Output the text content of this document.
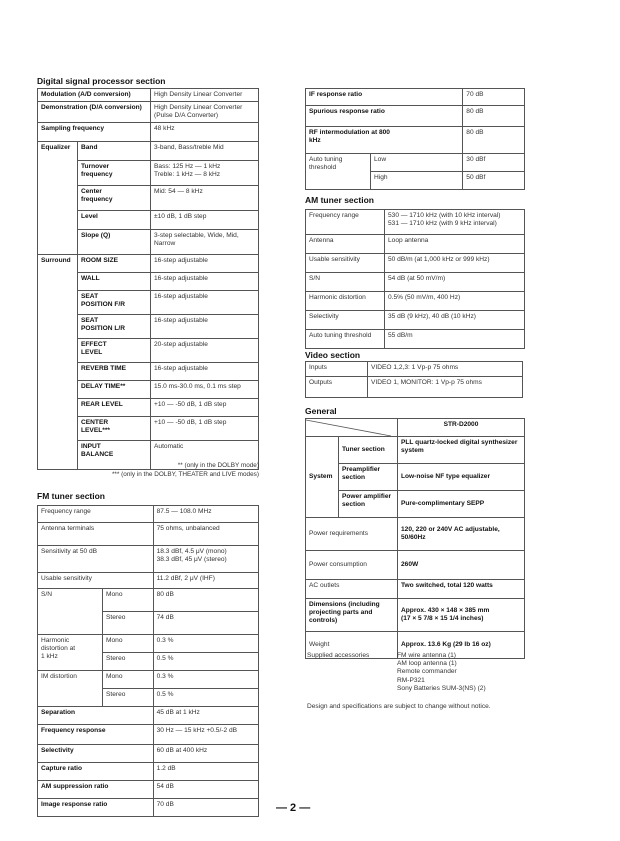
Digital signal processor section
Modulation (A/D conversion)		High Density Linear Converter
Demonstration (D/A conversion)		High Density Linear Converter
(Pulse D/A Converter)
Sampling frequency		48 kHz
Equalizer	Band	3-band, Bass/treble Mid
	Turnover
frequency	Bass: 125 Hz — 1 kHz
Treble: 1 kHz — 8 kHz
	Center
frequency	Mid: 54 — 8 kHz
	Level	±10 dB, 1 dB step
	Slope (Q)	3-step selectable, Wide, Mid,
Narrow
Surround	ROOM SIZE	16-step adjustable
	WALL	16-step adjustable
	SEAT
POSITION F/R	16-step adjustable
	SEAT
POSITION L/R	16-step adjustable
	EFFECT
LEVEL	20-step adjustable
	REVERB TIME	16-step adjustable
	DELAY TIME**	15.0 ms-30.0 ms, 0.1 ms step
	REAR LEVEL	+10 — -50 dB, 1 dB step
	CENTER
LEVEL***	+10 — -50 dB, 1 dB step
	INPUT
BALANCE	Automatic
** (only in the DOLBY mode)
*** (only in the DOLBY, THEATER and LIVE modes)
FM tuner section
Frequency range		87.5 — 108.0 MHz
Antenna terminals		75 ohms, unbalanced
Sensitivity at 50 dB		18.3 dBf, 4.5 μV (mono)
38.3 dBf, 45 μV (stereo)
Usable sensitivity		11.2 dBf, 2 μV (IHF)
S/N	Mono	80 dB
	Stereo	74 dB
Harmonic
distortion at
1 kHz	Mono	0.3 %
	Stereo	0.5 %
IM distortion	Mono	0.3 %
	Stereo	0.5 %
Separation		45 dB at 1 kHz
Frequency response		30 Hz — 15 kHz +0.5/-2 dB
Selectivity		60 dB at 400 kHz
Capture ratio		1.2 dB
AM suppression ratio		54 dB
Image response ratio		70 dB
IF response ratio		70 dB
Spurious response ratio		80 dB
RF intermodulation at 800
kHz		80 dB
Auto tuning
threshold	Low	30 dBf
	High	50 dBf
AM tuner section
Frequency range	530 — 1710 kHz (with 10 kHz interval)
531 — 1710 kHz (with 9 kHz interval)
Antenna	Loop antenna
Usable sensitivity	50 dB/m (at 1,000 kHz or 999 kHz)
S/N	54 dB (at 50 mV/m)
Harmonic distortion	0.5% (50 mV/m, 400 Hz)
Selectivity	35 dB (9 kHz), 40 dB (10 kHz)
Auto tuning threshold	55 dB/m
Video section
Inputs	VIDEO 1,2,3: 1 Vp-p 75 ohms
Outputs	VIDEO 1, MONITOR: 1 Vp-p 75 ohms
General
		STR-D2000
System	Tuner section	PLL quartz-locked digital synthesizer
system
	Preamplifier
section	Low-noise NF type equalizer
	Power amplifier
section	Pure-complimentary SEPP
Power requirements		120, 220 or 240V AC adjustable,
50/60Hz
Power consumption		260W
AC outlets		Two switched, total 120 watts
Dimensions (including
projecting parts and
controls)		Approx. 430 × 148 × 385 mm
(17 × 5 7/8 × 15 1/4 inches)
Weight		Approx. 13.6 Kg (29 lb 16 oz)
Supplied accessories	FM wire antenna (1)
AM loop antenna (1)
Remote commander
RM-P321
Sony Batteries SUM-3(NS) (2)
Design and specifications are subject to change without notice.
— 2 —
